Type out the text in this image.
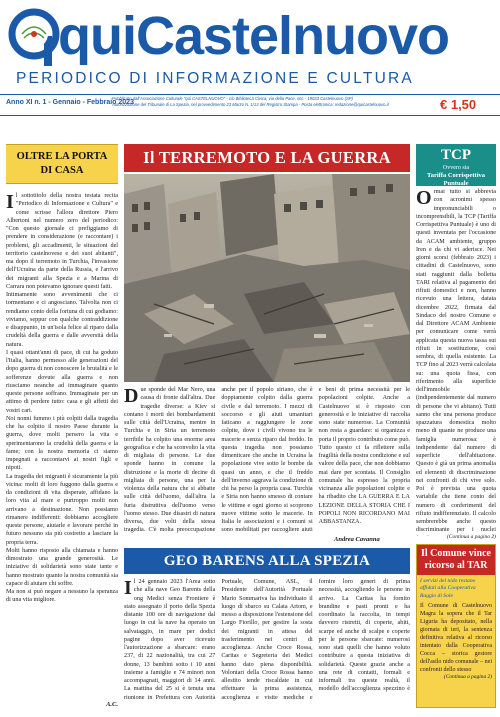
quiCastelnuovo
PERIODICO DI INFORMAZIONE E CULTURA
Anno XI n. 1 - Gennaio - Febbraio 2023
Pubblicato dall'Associazione Culturale "qui CASTELNUOVO" - c/o Biblioteca Civica, via della Pace, snc - 19033 Castelnuovo (SP)
Autorizzazione del Tribunale di La Spezia, nel provvedimento 23 Marzo N. 1/13 del Registro Stampa - Posta elettronica: redazione@quicastelnuovo.it	€ 1,50
OLTRE LA PORTA
DI CASA

Il sottotitolo della nostra testata recita "Periodico di Informazione e Cultura" e come scrisse l'allora direttore Piero Albertoni nel numero zero del periodico: "Con questo giornale ci prefiggiamo di prendere in considerazione (e raccontare) i problemi, gli accadimenti, le situazioni del territorio castelnovese e dei suoi abitanti", ma dopo il terremoto in Turchia, l'invasione dell'Ucraina da parte della Russia, e l'arrivo dei migranti alla Spezia e a Marina di Carrara non potevamo ignorare questi fatti.

Intimamente sono avvenimenti che ci tormentano e ci angosciano. Talvolta non ci rendiamo conto della fortuna di cui godiamo: viviamo, seppur con qualche contraddizione e disappunto, in un'isola felice al riparo dalla crudeltà della guerra e dalle avversità della natura.

I quasi ottant'anni di pace, di cui ha goduto l'Italia, hanno permesso alle generazioni del dopo guerra di non conoscere le brutalità e le sofferenze dovute alla guerra e non riusciamo neanche ad immaginare quanto queste persone soffrano. Immaginate per un attimo di perdere tutto: casa e gli affetti dei vostri cari.

Noi nonni fummo i più colpiti dalla tragedia che ha colpito il nostro Paese durante la guerra, dove molti persero la vita e sperimentarono la crudeltà della guerra e la fame; con la nostra memoria ci siamo impegnati a raccontarvi ai nostri figli e nipoti.

La tragedia dei migranti è sicuramente la più vicina: molti di loro fuggono dalla guerra e da condizioni di vita disperate, affidano la loro vita al mare e purtroppo molti non arrivano a destinazione. Non possiamo rimanere indifferenti: dobbiamo accogliere queste persone, aiutarle e lavorare perché in futuro nessuno sia più costretto a lasciare la propria terra.

Molti hanno risposto alla chiamata e hanno dimostrato una grande generosità. Le iniziative di solidarietà sono state tante e hanno mostrato quanto la nostra comunità sia capace di aiutare chi soffre.

Ma non si può negare a nessuno la speranza di una vita migliore.

A.C.
Il TERREMOTO E LA GUERRA
Due sponde del Mar Nero, una causa di fronte dall'altra. Due tragedie diverse: a Kiev si contano i morti dei bombardamenti sulle città dell'Ucraina, mentre in Turchia e in Siria un terremoto terribile ha colpito una enorme area geografica e che ha sconvolto la vita di migliaia di persone. Le due sponde hanno in comune la distruzione e la morte di decine di migliaia di persone, una per la violenza della natura che si abbatte sulle città dell'uomo, dall'altra la furia distruttiva dell'uomo verso l'uomo stesso. Due disastri di natura diversa, due volti della stessa tragedia. C'è molta preoccupazione anche per il popolo siriano, che è doppiamente colpito dalla guerra civile e dal terremoto. I mezzi di soccorso e gli aiuti umanitari faticano a raggiungere le zone colpite, dove i civili vivono tra le macerie e senza riparo dal freddo. In questa tragedia non possiamo dimenticare che anche in Ucraina la popolazione vive sotto le bombe da quasi un anno, e che il freddo dell'inverno aggrava la condizione di chi ha perso la propria casa. Turchia e Siria non hanno smesso di contare le vittime e ogni giorno si scoprono nuove vittime sotto le macerie. In Italia le associazioni e i comuni si sono mobilitati per raccogliere aiuti e beni di prima necessità per le popolazioni colpite. Anche a Castelnuovo si è risposto con generosità e le iniziative di raccolta sono state numerose. La Comunità non resta a guardare: si organizza e porta il proprio contributo come può. Tutto questo ci fa riflettere sulla fragilità della nostra condizione e sul valore della pace, che non dobbiamo mai dare per scontata. Il Consiglio comunale ha espresso la propria vicinanza alle popolazioni colpite e ha ribadito che LA GUERRA E LA LEZIONE DELLA STORIA CHE I POPOLI NON RICORDANO MAI ABBASTANZA.
Andrea Cavanna
GEO BARENS ALLA SPEZIA
Il 24 gennaio 2023 l'Area sotto che alla nave Geo Barents della ong Medici senza Frontiere è stato assegnato il porto della Spezia distante 100 ore di navigazione dal luogo in cui la nave ha operato un salvataggio, in mare per dodici pagine dopo aver ricevuto l'autorizzazione a sbarcare: erano 237, di 22 nazionalità, tra cui 27 donne, 13 bambini sotto i 10 anni insieme a famiglie e 74 minori non accompagnati, maggiori di 14 anni. La mattina del 25 si è tenuta una riunione in Prefettura con Autorità Portuale, Comune, ASL, il Presidente dell'Autorità Portuale Mario Sommariva ha individuato il luogo di sbarco su Calata Artom, e messo a disposizione l'estensione del Largo Fiorillo, per gestire la sosta dei migranti in attesa del trasferimento nei centri di accoglienza. Anche Croce Rossa, Caritas e Segreteria dei Medici hanno dato piena disponibilità. Volontari della Croce Rossa hanno allestito tende riscaldate in cui effettuare la prima assistenza, accoglienza e visite mediche e fornire loro generi di prima necessità, accogliendo le persone in arrivo. La Caritas ha fornito brandine e pasti pronti e ha coordinato la raccolta, in tempi davvero ristretti, di coperte, abiti, scarpe ed anche di scalpe e coperte per le persone sbarcate: numerosi sono stati quelli che hanno voluto contribuire a questa iniziativa di solidarietà. Queste grazie anche a una rete di contatti, formali e informali tra queste realtà, il modello dell'accoglienza spezzino è
TCP
Ovvero sia
Tariffa Corrispettiva Puntuale
Ormai tutto si abbreviа con acronimi spesso impronunciabili o incomprensibili, la TCP (Tariffa Corrispettiva Puntuale) è uno di questi inventata per l'occasione da ACAM ambiente, gruppo Iren e da chi vi aderisce. Nei giorni scorsi (febbraio 2023) i cittadini di Castelnuovo, sono stati raggiunti dalla bolletta TARI relativa al pagamento dei rifiuti domestici e non, hanno ricevuto una lettera, datata dicembre 2022, firmata dal Sindaco del nostro Comune e dal Direttore ACAM Ambiente per comunicare come verrà applicata questa nuova tassa sui rifiuti in sostituzione, così sembra, di quella esistente. La TCP fino al 2023 verrà calcolata su: una quota fissa, con riferimento alla superficie dell'immobile (indipendentemente dal numero di persone che vi abitano). Tutti sanno che una persona produce spazzatura domestica molto meno di quante ne produce una famiglia numerosa: è indipendente dal numero di superficie dell'abitazione. Questo è già un prima anomalia ed elementi di discriminazione nei confronti di chi vive solo. Poi è prevista una quota variabile che tiene conto del numero di conferimenti del rifiuto indifferenziato. Il calcolo sembrerebbe anche questo discriminante per i nuclei
(Continua a pagina 2)
Il Comune vince ricorso al TAR
I servizi del nido restano affidati alla Cooperativa Raggio di Sole
Il Comune di Castelnuovo Magra la sopera che il Tar Liguria ha depositato, nella giornata di ieri, la sentenza definitiva relativa al ricorso intentato dalla Cooperativa Cocca – storica gestore dell'asilo nido comunale – nei confronti dello stesso
(Continua a pagina 2)
